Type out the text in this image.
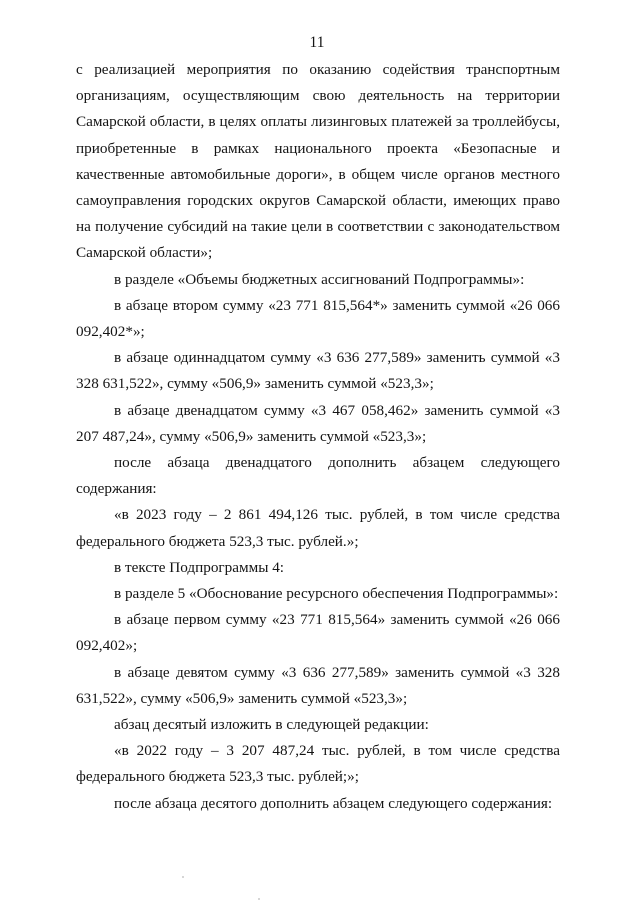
11

с реализацией мероприятия по оказанию содействия транспортным организациям, осуществляющим свою деятельность на территории Самарской области, в целях оплаты лизинговых платежей за троллейбусы, приобретенные в рамках национального проекта «Безопасные и качественные автомобильные дороги», в общем числе органов местного самоуправления городских округов Самарской области, имеющих право на получение субсидий на такие цели в соответствии с законодательством Самарской области»;

в разделе «Объемы бюджетных ассигнований Подпрограммы»:

в абзаце втором сумму «23 771 815,564*» заменить суммой «26 066 092,402*»;

в абзаце одиннадцатом сумму «3 636 277,589» заменить суммой «3 328 631,522», сумму «506,9» заменить суммой «523,3»;

в абзаце двенадцатом сумму «3 467 058,462» заменить суммой «3 207 487,24», сумму «506,9» заменить суммой «523,3»;

после абзаца двенадцатого дополнить абзацем следующего содержания:

«в 2023 году – 2 861 494,126 тыс. рублей, в том числе средства федерального бюджета 523,3 тыс. рублей.»;

в тексте Подпрограммы 4:

в разделе 5 «Обоснование ресурсного обеспечения Подпрограммы»:

в абзаце первом сумму «23 771 815,564» заменить суммой «26 066 092,402»;

в абзаце девятом сумму «3 636 277,589» заменить суммой «3 328 631,522», сумму «506,9» заменить суммой «523,3»;

абзац десятый изложить в следующей редакции:

«в 2022 году – 3 207 487,24 тыс. рублей, в том числе средства федерального бюджета 523,3 тыс. рублей;»;

после абзаца десятого дополнить абзацем следующего содержания:
